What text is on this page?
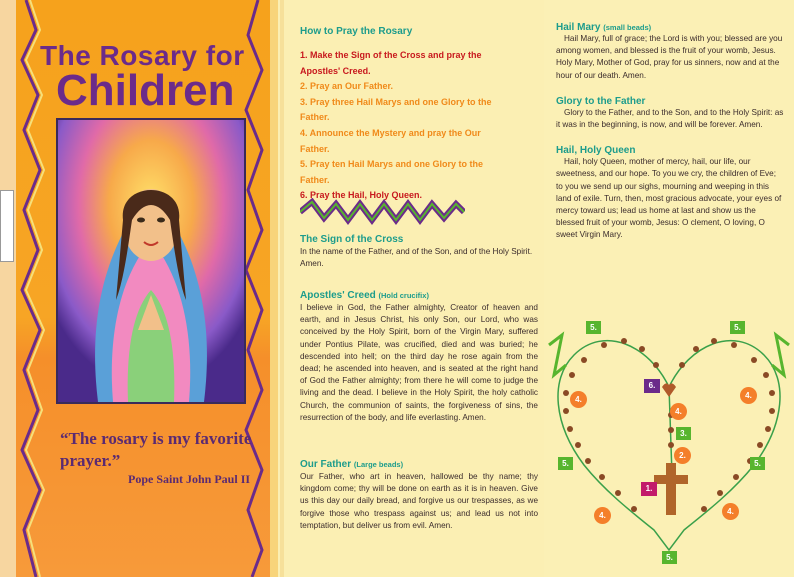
The Rosary for
Children
“The rosary is my favorite prayer.”
Pope Saint John Paul II
How to Pray the Rosary
1. Make the Sign of the Cross and pray the Apostles' Creed.
2. Pray an Our Father.
3. Pray three Hail Marys and one Glory to the Father.
4. Announce the Mystery and pray the Our Father.
5. Pray ten Hail Marys and one Glory to the Father.
6. Pray the Hail, Holy Queen.
The Sign of the Cross
In the name of the Father, and of the Son, and of the Holy Spirit. Amen.
Apostles' Creed (Hold crucifix)
I believe in God, the Father almighty, Creator of heaven and earth, and in Jesus Christ, his only Son, our Lord, who was conceived by the Holy Spirit, born of the Virgin Mary, suffered under Pontius Pilate, was crucified, died and was buried; he descended into hell; on the third day he rose again from the dead; he ascended into heaven, and is seated at the right hand of God the Father almighty; from there he will come to judge the living and the dead. I believe in the Holy Spirit, the holy catholic Church, the communion of saints, the forgiveness of sins, the resurrection of the body, and life everlasting. Amen.
Our Father (Large beads)
Our Father, who art in heaven, hallowed be thy name; thy kingdom come; thy will be done on earth as it is in heaven. Give us this day our daily bread, and forgive us our trespasses, as we forgive those who trespass against us; and lead us not into temptation, but deliver us from evil. Amen.
Hail Mary (small beads)
Hail Mary, full of grace; the Lord is with you; blessed are you among women, and blessed is the fruit of your womb, Jesus. Holy Mary, Mother of God, pray for us sinners, now and at the hour of our death. Amen.
Glory to the Father
Glory to the Father, and to the Son, and to the Holy Spirit: as it was in the beginning, is now, and will be forever. Amen.
Hail, Holy Queen
Hail, holy Queen, mother of mercy, hail, our life, our sweetness, and our hope. To you we cry, the children of Eve; to you we send up our sighs, mourning and weeping in this land of exile. Turn, then, most gracious advocate, your eyes of mercy toward us; lead us home at last and show us the blessed fruit of your womb, Jesus: O clement, O loving, O sweet Virgin Mary.
5.	5.
5.	5.
5.
3.
4.	4.
4.
4.	4.
2.
6.
1.
